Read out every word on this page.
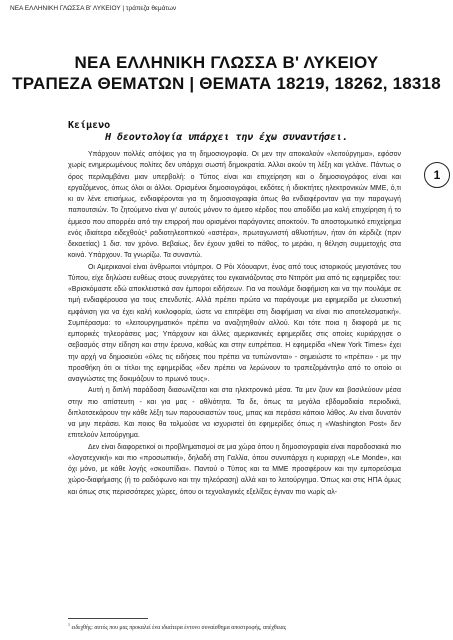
ΝΕΑ ΕΛΛΗΝΙΚΗ ΓΛΩΣΣΑ Β' ΛΥΚΕΙΟΥ | τράπεζα θεμάτων
ΝΕΑ ΕΛΛΗΝΙΚΗ ΓΛΩΣΣΑ Β' ΛΥΚΕΙΟΥ
ΤΡΑΠΕΖΑ ΘΕΜΑΤΩΝ | ΘΕΜΑΤΑ 18219, 18262, 18318
Κείμενο
Η δεοντολογία υπάρχει την έχω συναντήσει.
1

Υπάρχουν πολλές απόψεις για τη δημοσιογραφία. Οι μεν την αποκαλούν «λειτούργημα», εφόσον χωρίς ενημερωμένους πολίτες δεν υπάρχει σωστή δημοκρατία. Άλλοι ακούν τη λέξη και γελάνε. Πάντως ο όρος περιλαμβάνει μιαν υπερβολή: ο Τύπος είναι και επιχείρηση και ο δημοσιογράφος είναι και εργαζόμενος, όπως όλοι οι άλλοι. Ορισμένοι δημοσιογράφοι, εκδότες ή ιδιοκτήτες ηλεκτρονικών ΜΜΕ, ό,τι κι αν λένε επισήμως, ενδιαφέρονται για τη δημοσιογραφία όπως θα ενδιαφέρονταν για την παραγωγή παπουτσιών. Το ζητούμενο είναι γι' αυτούς μόνον το άμεσο κέρδος που αποδίδει μια καλή επιχείρηση ή το έμμεσο που απορρέει από την επιρροή που ορισμένοι παράγοντες αποκτούν. Το αποστομωτικό επιχείρημα ενός ιδιαίτερα ειδεχθούς¹ ραδιοτηλεοπτικού «αστέρα», πρωταγωνιστή αθλιοτήτων, ήταν ότι κέρδιζε (πριν δεκαετίας) 1 δισ. τον χρόνο. Βεβαίως, δεν έχουν χαθεί το πάθος, το μεράκι, η θέληση συμμετοχής στα κοινά. Υπάρχουν. Τα γνωρίζω. Τα συναντώ.

Οι Αμερικανοί είναι άνθρωποι ντόμπροι. Ο Ρόι Χόουαρντ, ένας από τους ιστορικούς μεγιστάνες του Τύπου, είχε δηλώσει ευθέως στους συνεργάτες του εγκαινιάζοντας στο Ντιτρόιτ μια από τις εφημερίδες του: «Βρισκόμαστε εδώ αποκλειστικά σαν έμποροι ειδήσεων. Για να πουλάμε διαφήμιση και να την πουλάμε σε τιμή ενδιαφέρουσα για τους επενδυτές. Αλλά πρέπει πρώτα να παράγουμε μια εφημερίδα με ελκυστική εμφάνιση για να έχει καλή κυκλοφορία, ώστε να επιτρέψει στη διαφήμιση να είναι πιο αποτελεσματική». Συμπέρασμα: το «λειτουργηματικό» πρέπει να αναζητηθούν αλλού. Και τότε ποια η διαφορά με τις εμπορικές τηλεοράσεις μας; Υπάρχουν και άλλες αμερικανικές εφημερίδες στις οποίες κυριάρχησε ο σεβασμός στην είδηση και στην έρευνα, καθώς και στην ευπρέπεια. Η εφημερίδα «New York Times» έχει την αρχή να δημοσιεύει «όλες τις ειδήσεις που πρέπει να τυπώνονται» - σημειώστε το «πρέπει» - με την προσθήκη ότι οι τίτλοι της εφημερίδας «δεν πρέπει να λερώνουν το τραπεζομάντηλο από το οποίο οι αναγνώστες της δοκιμάζουν το πρωινό τους».

Αυτή η διπλή παράδοση διασωνίζεται και στα ηλεκτρονικά μέσα. Τα μεν ζουν και βασιλεύουν μέσα στην πιο απίστευτη - και για μας - αθλιότητα. Τα δε, όπως τα μεγάλα εβδομαδιαία περιοδικά, διπλοτσεκάρουν την κάθε λέξη των παρουσιαστών τους, μπας και περάσει κάποιο λάθος. Αν είναι δυνατόν να μην περάσει. Και ποιος θα τολμούσε να ισχυριστεί ότι εφημερίδες όπως η «Washington Post» δεν επιτελούν λειτούργημα.

Δεν είναι διαφορετικοί οι προβληματισμοί σε μια χώρα όπου η δημοσιογραφία είναι παραδοσιακά πιο «λογοτεχνική» και πιο «προσωπική», δηλαδή στη Γαλλία, όπου συνυπάρχει η κυριαρχη «Le Monde», και όχι μόνο, με κάθε λογής «σκουπίδια». Παντού ο Τύπος και τα ΜΜΕ προσφέρουν και την εμπορεύσιμα χώρο-διαφήμισης (ή το ραδιόφωνο και την τηλεόραση) αλλά και το λειτούργημα. Όπως και στις ΗΠΑ όμως και όπως στις περισσότερες χώρες, όπου οι τεχνολογικές εξελίξεις έγιναν πιο νωρίς αλ-

$^1$ ειδεχθής: αυτός που μας προκαλεί ένα ιδιαίτερα έντονο συναίσθημα αποστροφής, απέχθειας
